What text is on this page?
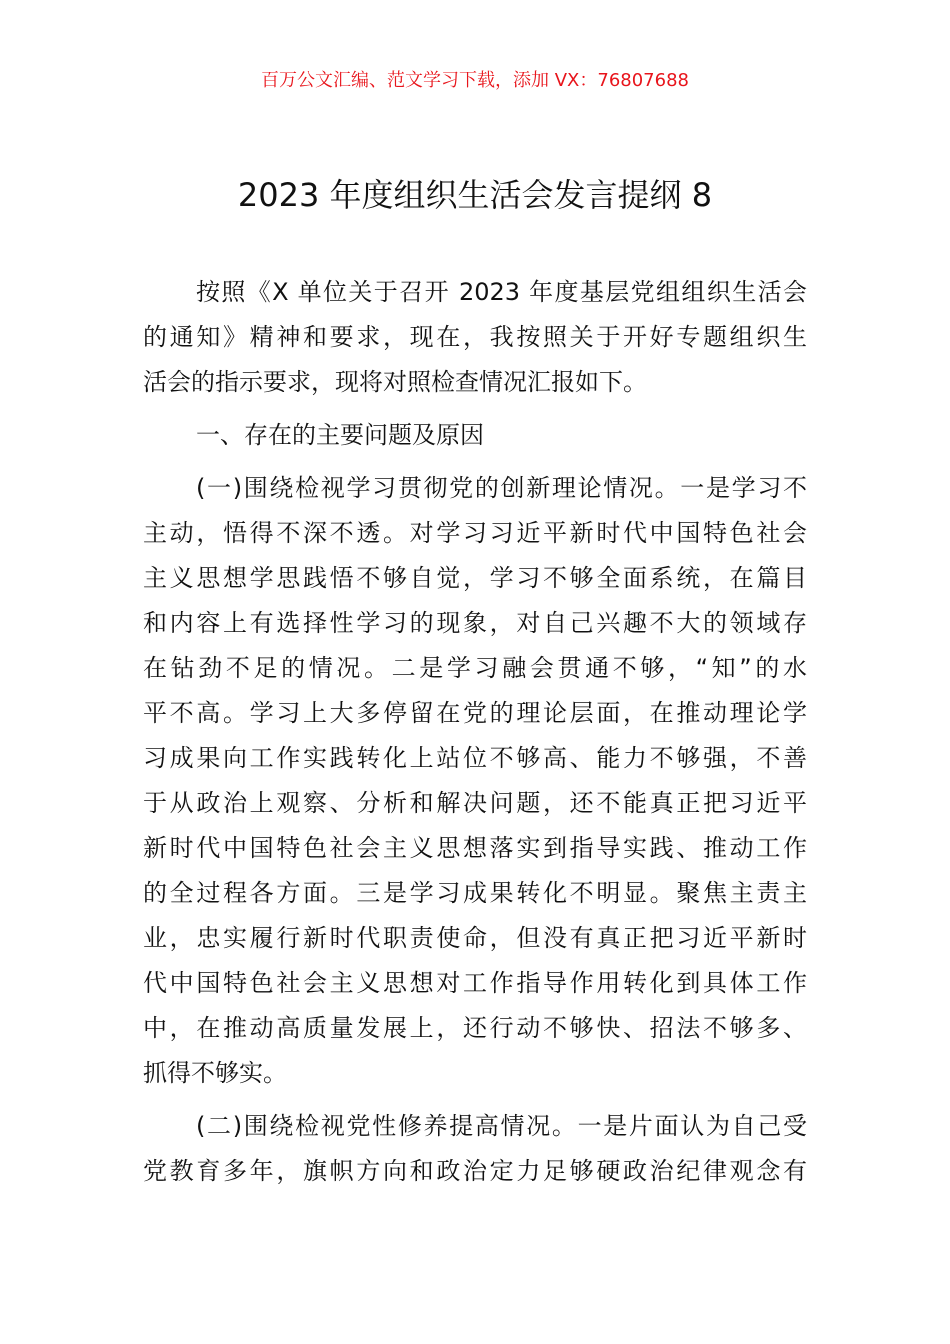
百万公文汇编、范文学习下载，添加 VX：76807688
2023 年度组织生活会发言提纲 8
按照《X 单位关于召开 2023 年度基层党组组织生活会
的通知》精神和要求，现在，我按照关于开好专题组织生
活会的指示要求，现将对照检查情况汇报如下。
一、存在的主要问题及原因
(一)围绕检视学习贯彻党的创新理论情况。一是学习不
主动，悟得不深不透。对学习习近平新时代中国特色社会
主义思想学思践悟不够自觉，学习不够全面系统，在篇目
和内容上有选择性学习的现象，对自己兴趣不大的领域存
在钻劲不足的情况。二是学习融会贯通不够，“知”的水
平不高。学习上大多停留在党的理论层面，在推动理论学
习成果向工作实践转化上站位不够高、能力不够强，不善
于从政治上观察、分析和解决问题，还不能真正把习近平
新时代中国特色社会主义思想落实到指导实践、推动工作
的全过程各方面。三是学习成果转化不明显。聚焦主责主
业，忠实履行新时代职责使命，但没有真正把习近平新时
代中国特色社会主义思想对工作指导作用转化到具体工作
中，在推动高质量发展上，还行动不够快、招法不够多、
抓得不够实。
(二)围绕检视党性修养提高情况。一是片面认为自己受
党教育多年，旗帜方向和政治定力足够硬政治纪律观念有
